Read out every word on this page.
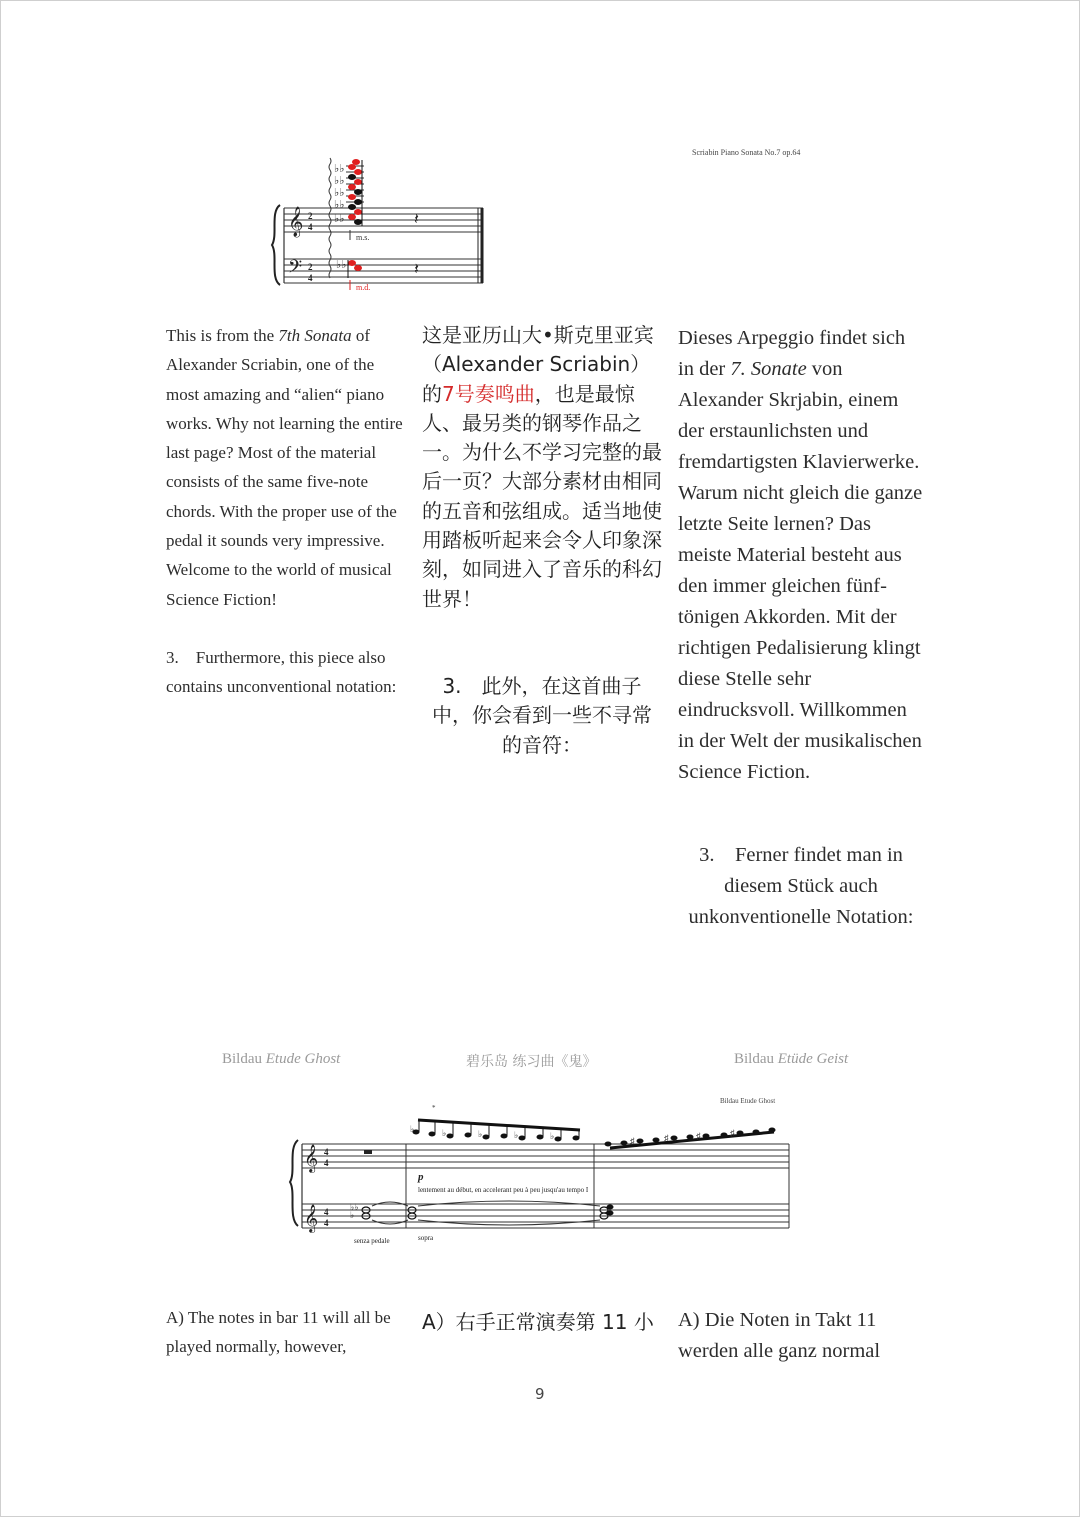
Scriabin Piano Sonata No.7 op.64
𝄞
𝄢
2
4
2
4
♭♭
♭♭
♭♭
♭♭
♭♭
♭♭
𝄽
𝄽
m.s.
m.d.

This is from the 7th Sonata of Alexander Scriabin, one of the most amazing and “alien“ piano works. Why not learning the entire last page? Most of the material consists of the same five-note chords. With the proper use of the pedal it sounds very impressive. Welcome to the world of musical Science Fiction!

3. Furthermore, this piece also contains unconventional notation:

这是亚历山大•斯克里亚宾（Alexander Scriabin）的7号奏鸣曲，也是最惊人、最另类的钢琴作品之一。为什么不学习完整的最后一页？大部分素材由相同的五音和弦组成。适当地使用踏板听起来会令人印象深刻，如同进入了音乐的科幻世界！

3. 此外，在这首曲子中，你会看到一些不寻常的音符：

Dieses Arpeggio findet sich in der 7. Sonate von Alexander Skrjabin, einem der erstaunlichsten und fremdartigsten Klavierwerke. Warum nicht gleich die ganze letzte Seite lernen? Das meiste Material besteht aus den immer gleichen fünf-tönigen Akkorden. Mit der richtigen Pedalisierung klingt diese Stelle sehr eindrucksvoll. Willkommen in der Welt der musikalischen Science Fiction.

3. Ferner findet man in diesem Stück auch unkonventionelle Notation:

Bildau Etude Ghost	碧乐岛 练习曲《鬼》	Bildau Etüde Geist
Bildau Etude Ghost
𝄞
𝄞
4
4
4
4
♭	♭	♭	♭	♭
*
♯	♯	♯	♯
♭♭
♭
p
lentement au début, en accelerant peu à peu jusqu'au tempo I
senza pedale	sopra
A) The notes in bar 11 will all be played normally, however,
A）右手正常演奏第 11 小	A) Die Noten in Takt 11 werden alle ganz normal
9
